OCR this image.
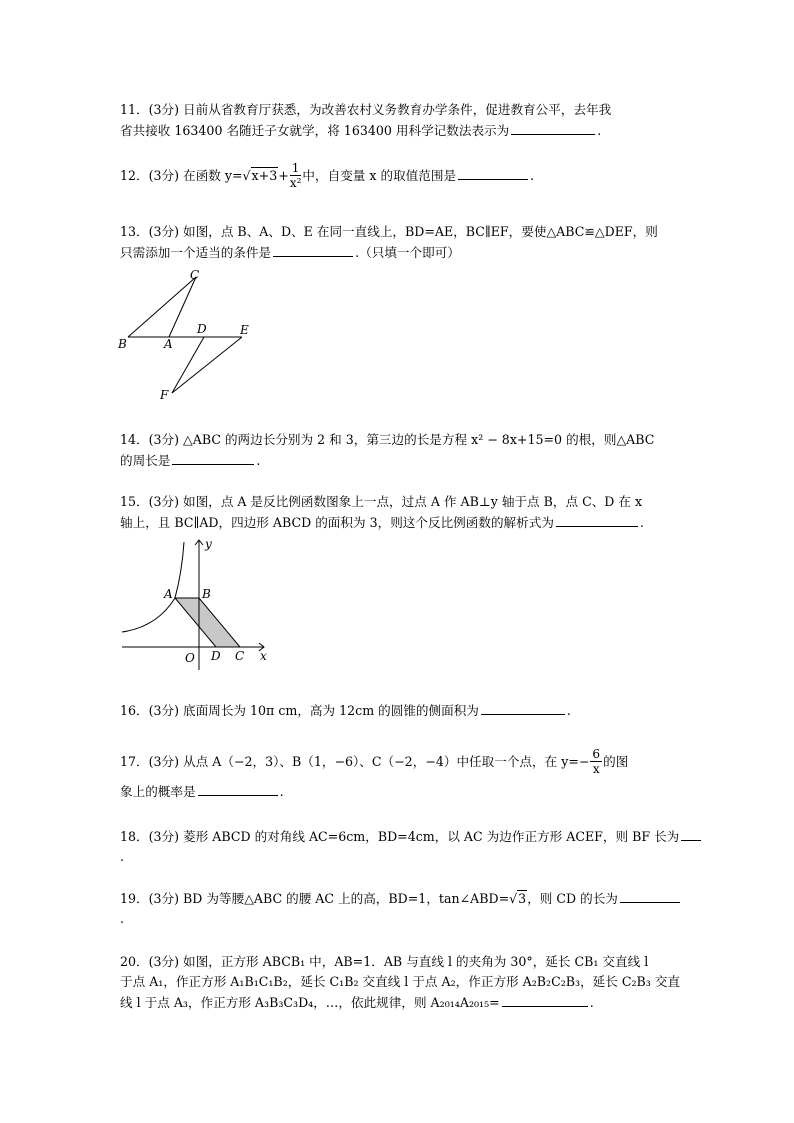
11．(3分) 日前从省教育厅获悉，为改善农村义务教育办学条件，促进教育公平，去年我
省共接收 163400 名随迁子女就学，将 163400 用科学记数法表示为	.
12．(3分) 在函数 $y=√x+3+ \frac{1}{\text{x²}}$ 中，自变量 x 的取值范围是	.
13．(3分) 如图，点 B、A、D、E 在同一直线上，BD=AE，BC∥EF，要使△ABC≌△DEF，则
只需添加一个适当的条件是	.（只填一个即可）
C
B	A
D	E
F
14．(3分) △ABC 的两边长分别为 2 和 3，第三边的长是方程 x² − 8x+15=0 的根，则△ABC
的周长是	.
15．(3分) 如图，点 A 是反比例函数图象上一点，过点 A 作 AB⊥y 轴于点 B，点 C、D 在 x
轴上，且 BC∥AD，四边形 ABCD 的面积为 3，则这个反比例函数的解析式为	.
y
x
A B
O D C
16．(3分) 底面周长为 10π cm，高为 12cm 的圆锥的侧面积为	.
17．(3分) 从点 A（−2，3）、B（1，−6）、C（−2，−4）中任取一个点，在 $y=- \frac{6}{x}$ 的图
象上的概率是	.
18．(3分) 菱形 ABCD 的对角线 AC=6cm，BD=4cm，以 AC 为边作正方形 ACEF，则 BF 长为
.
19．(3分) BD 为等腰△ABC 的腰 AC 上的高，BD=1，tan∠ABD=√3，则 CD 的长为
.
20．(3分) 如图，正方形 ABCB₁ 中，AB=1．AB 与直线 l 的夹角为 30°，延长 CB₁ 交直线 l
于点 A₁，作正方形 A₁B₁C₁B₂，延长 C₁B₂ 交直线 l 于点 A₂，作正方形 A₂B₂C₂B₃，延长 C₂B₃ 交直
线 l 于点 A₃，作正方形 A₃B₃C₃D₄，…，依此规律，则 A₂₀₁₄A₂₀₁₅=	.
